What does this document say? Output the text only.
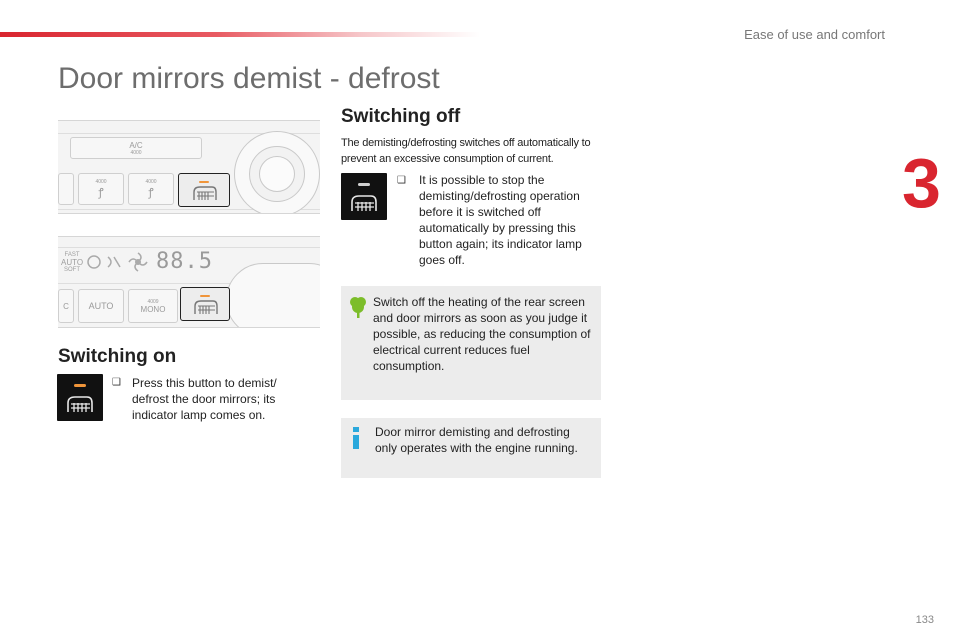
Ease of use and comfort
3
Door mirrors demist - defrost
A/C
4000
4000
ꝭ
4000
ꝭ
FAST
AUTO
SOFT	88.5
C AUTO	4009
MONO
Switching on
❑ Press this button to demist/ defrost the door mirrors; its indicator lamp comes on.

Switching off

The demisting/defrosting switches off automatically to prevent an excessive consumption of current.

❑ It is possible to stop the demisting/defrosting operation before it is switched off automatically by pressing this button again; its indicator lamp goes off.

Switch off the heating of the rear screen and door mirrors as soon as you judge it possible, as reducing the consumption of electrical current reduces fuel consumption.

Door mirror demisting and defrosting only operates with the engine running.

133
